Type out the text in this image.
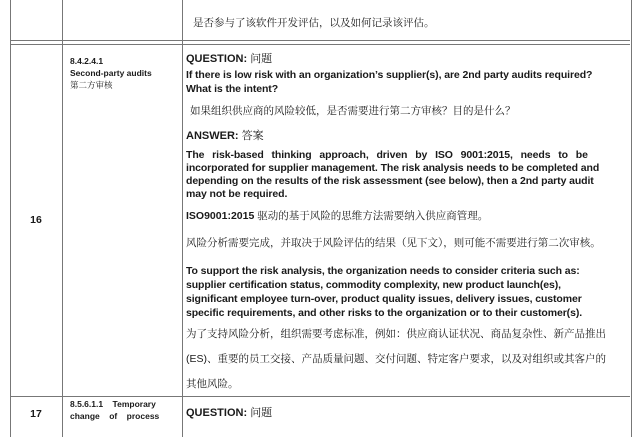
是否参与了该软件开发评估，以及如何记录该评估。
16
8.4.2.4.1
Second-party audits
第二方审核
QUESTION: 问题
If there is low risk with an organization’s supplier(s), are 2nd party audits required?
What is the intent?
如果组织供应商的风险较低，是否需要进行第二方审核？目的是什么？
ANSWER: 答案
The risk-based thinking approach, driven by ISO 9001:2015, needs to be
incorporated for supplier management. The risk analysis needs to be completed and
depending on the results of the risk assessment (see below), then a 2nd party audit
may not be required.
ISO9001:2015 驱动的基于风险的思维方法需要纳入供应商管理。
风险分析需要完成，并取决于风险评估的结果（见下文），则可能不需要进行第二次审核。
To support the risk analysis, the organization needs to consider criteria such as:
supplier certification status, commodity complexity, new product launch(es),
significant employee turn-over, product quality issues, delivery issues, customer
specific requirements, and other risks to the organization or to their customer(s).
为了支持风险分析，组织需要考虑标准，例如：供应商认证状况、商品复杂性、新产品推出
(ES)、重要的员工交接、产品质量问题、交付问题、特定客户要求，以及对组织或其客户的
其他风险。
17
8.5.6.1.1    Temporary
change    of    process QUESTION: 问题
